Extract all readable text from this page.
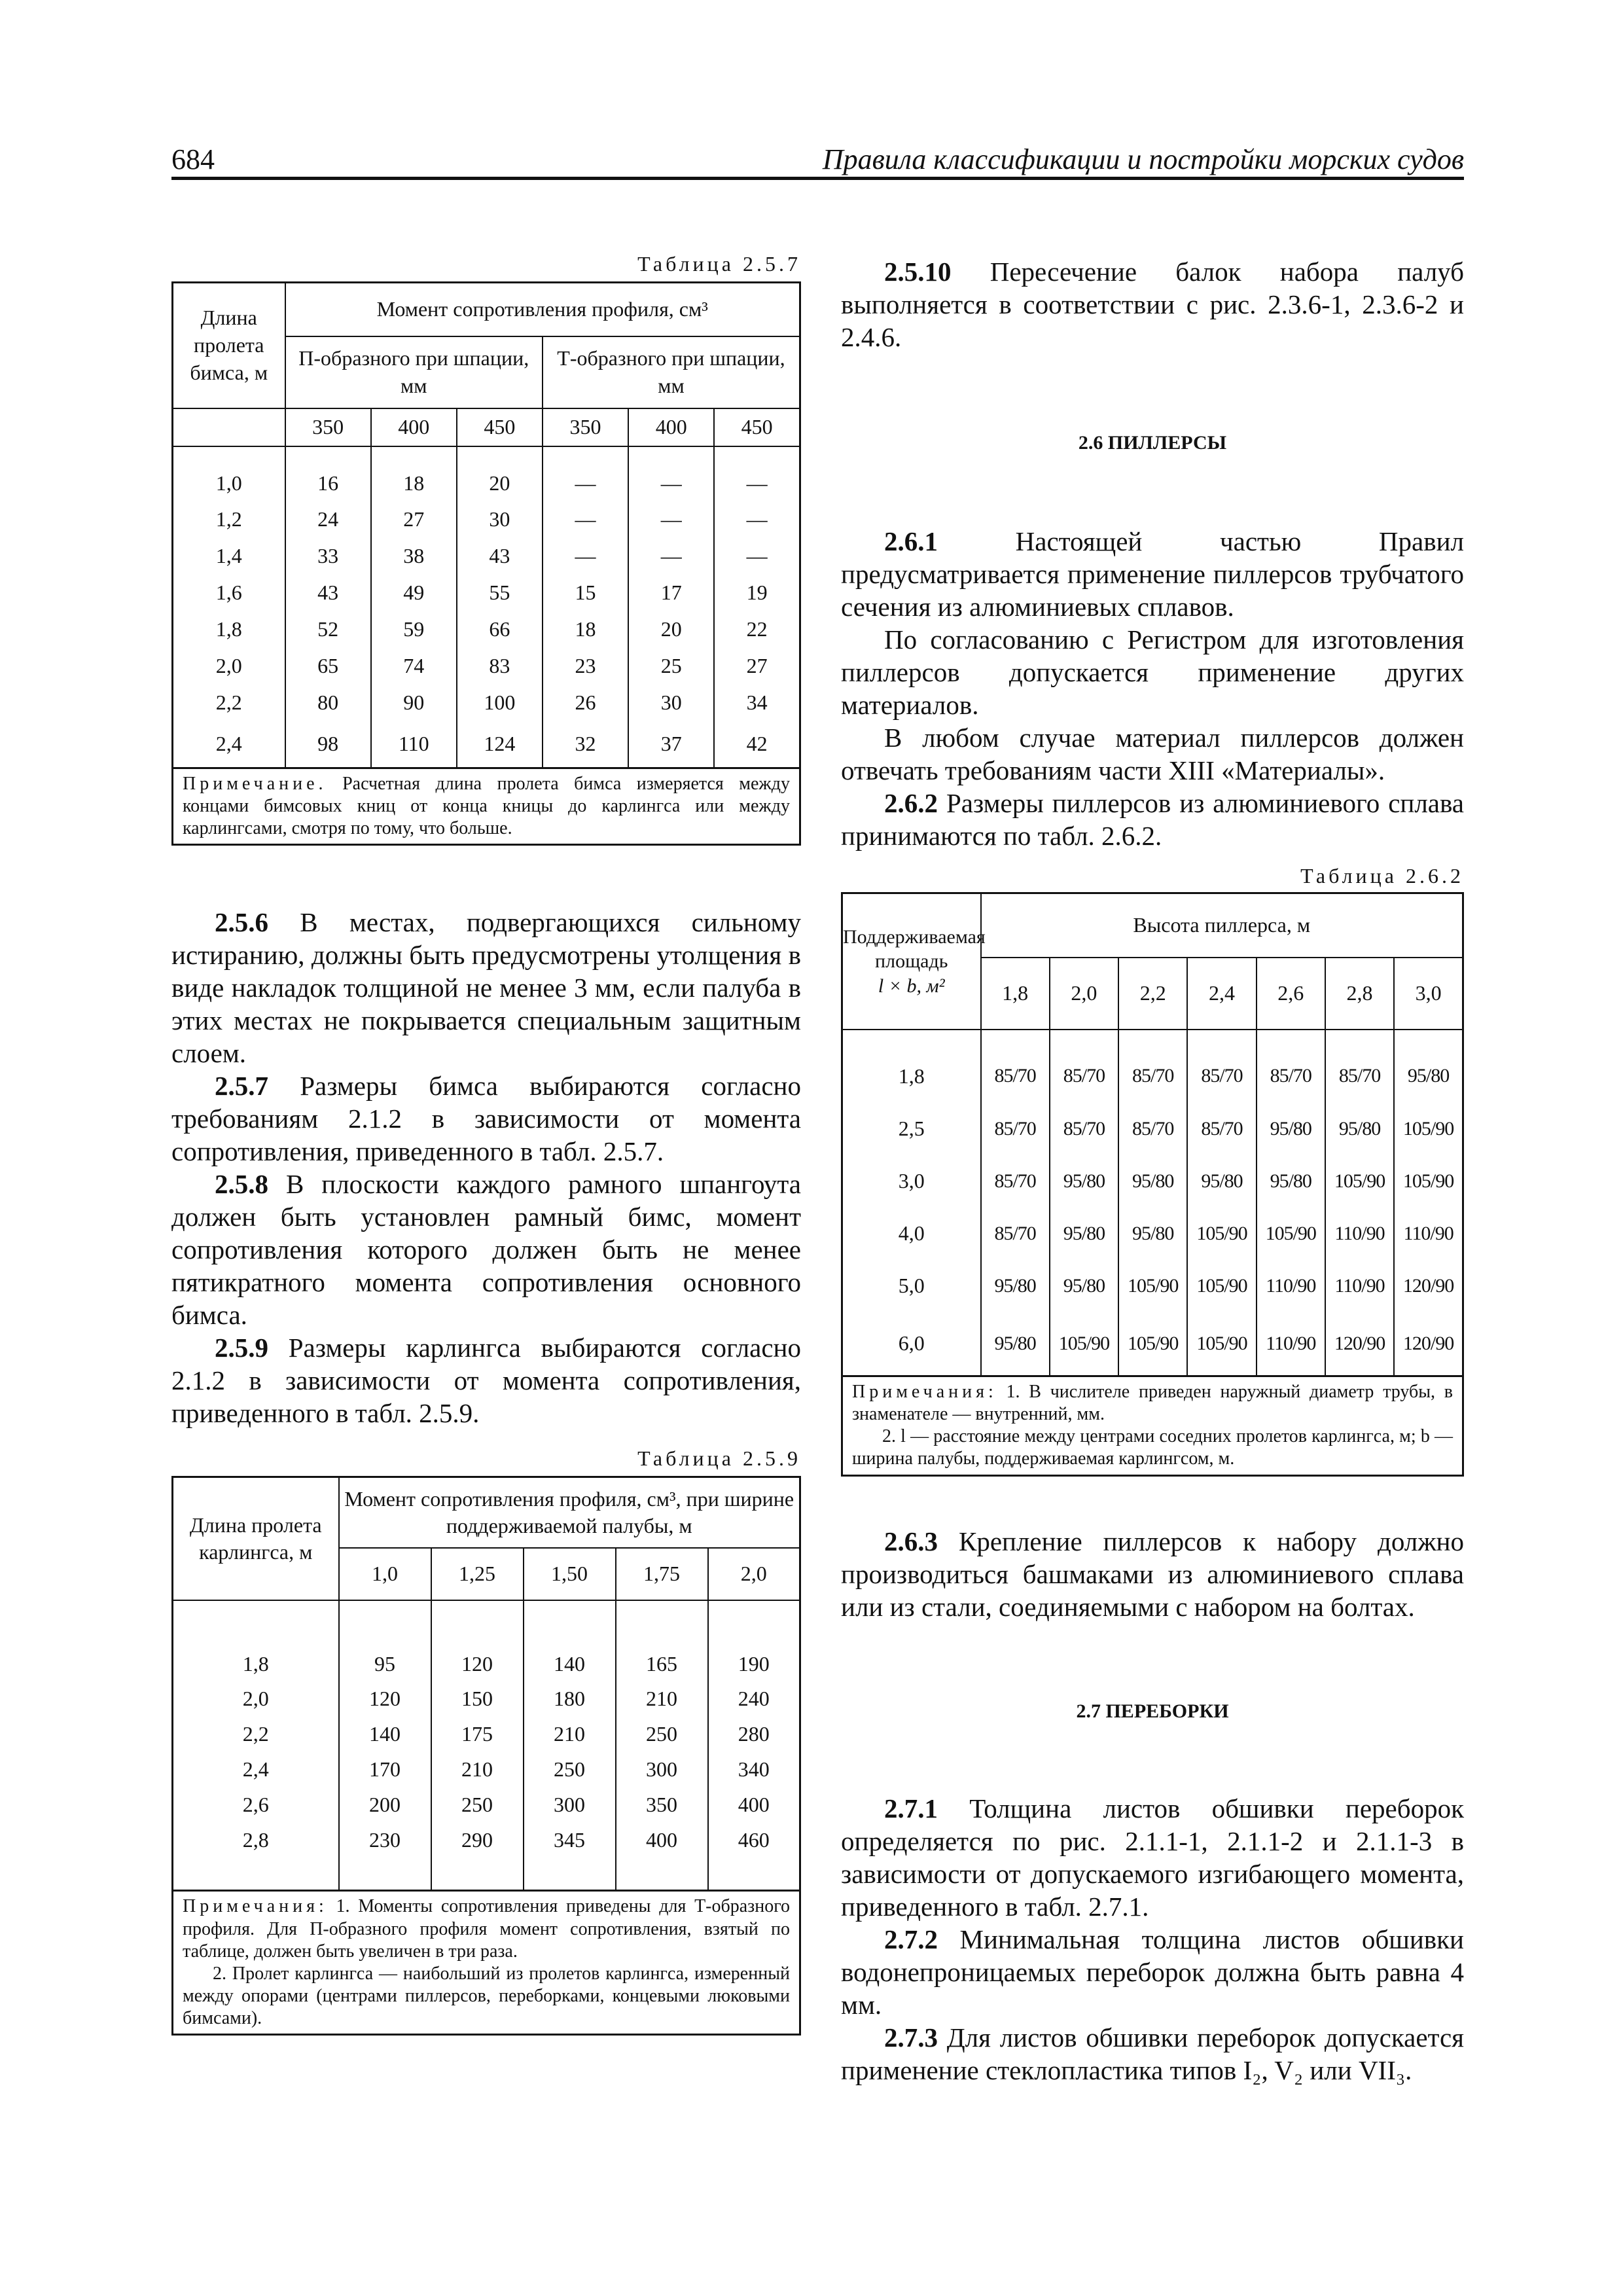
684	Правила классификации и постройки морских судов
Таблица 2.5.7
Длина пролета бимса, м	Момент сопротивления профиля, см³					
	П-образного при шпации, мм			Т-образного при шпации, мм		
	350	400	450	350	400	450
1,0	16	18	20	—	—	—
1,2	24	27	30	—	—	—
1,4	33	38	43	—	—	—
1,6	43	49	55	15	17	19
1,8	52	59	66	18	20	22
2,0	65	74	83	23	25	27
2,2	80	90	100	26	30	34
2,4	98	110	124	32	37	42
Примечание. Расчетная длина пролета бимса измеряется между концами бимсовых книц от конца кницы до карлингса или между карлингсами, смотря по тому, что больше.						

2.5.6 В местах, подвергающихся сильному истиранию, должны быть предусмотрены утолщения в виде накладок толщиной не менее 3 мм, если палуба в этих местах не покрывается специальным защитным слоем.

2.5.7 Размеры бимса выбираются согласно требованиям 2.1.2 в зависимости от момента сопротивления, приведенного в табл. 2.5.7.

2.5.8 В плоскости каждого рамного шпангоута должен быть установлен рамный бимс, момент сопротивления которого должен быть не менее пятикратного момента сопротивления основного бимса.

2.5.9 Размеры карлингса выбираются согласно 2.1.2 в зависимости от момента сопротивления, приведенного в табл. 2.5.9.

Таблица 2.5.9
Длина пролета карлингса, м	Момент сопротивления профиля, см³, при ширине поддерживаемой палубы, м				
	1,0	1,25	1,50	1,75	2,0
1,8	95	120	140	165	190
2,0	120	150	180	210	240
2,2	140	175	210	250	280
2,4	170	210	250	300	340
2,6	200	250	300	350	400
2,8	230	290	345	400	460

Примечания: 1. Моменты сопротивления приведены для Т-образного профиля. Для П-образного профиля момент сопротивления, взятый по таблице, должен быть увеличен в три раза.
2. Пролет карлингса — наибольший из пролетов карлингса, измеренный между опорами (центрами пиллерсов, переборками, концевыми люковыми бимсами).					

2.5.10 Пересечение балок набора палуб выполняется в соответствии с рис. 2.3.6-1, 2.3.6-2 и 2.4.6.

2.6 ПИЛЛЕРСЫ

2.6.1	Настоящей частью Правил предусматривается применение пиллерсов трубчатого сечения из алюминиевых сплавов.

По согласованию с Регистром для изготовления пиллерсов допускается применение других материалов.

В любом случае материал пиллерсов должен отвечать требованиям части XIII «Материалы».

2.6.2 Размеры пиллерсов из алюминиевого сплава принимаются по табл. 2.6.2.

Таблица 2.6.2
Поддерживаемая площадь
l × b, м²	Высота пиллерса, м						
	1,8	2,0	2,2	2,4	2,6	2,8	3,0
1,8	85/70	85/70	85/70	85/70	85/70	85/70	95/80
2,5	85/70	85/70	85/70	85/70	95/80	95/80	105/90
3,0	85/70	95/80	95/80	95/80	95/80	105/90	105/90
4,0	85/70	95/80	95/80	105/90	105/90	110/90	110/90
5,0	95/80	95/80	105/90	105/90	110/90	110/90	120/90
6,0	95/80	105/90	105/90	105/90	110/90	120/90	120/90

Примечания: 1. В числителе приведен наружный диаметр трубы, в знаменателе — внутренний, мм.
2. l — расстояние между центрами соседних пролетов карлингса, м; b — ширина палубы, поддерживаемая карлингсом, м.							

2.6.3 Крепление пиллерсов к набору должно производиться башмаками из алюминиевого сплава или из стали, соединяемыми с набором на болтах.

2.7 ПЕРЕБОРКИ

2.7.1 Толщина листов обшивки переборок определяется по рис. 2.1.1-1, 2.1.1-2 и 2.1.1-3 в зависимости от допускаемого изгибающего момента, приведенного в табл. 2.7.1.

2.7.2 Минимальная толщина листов обшивки водонепроницаемых переборок должна быть равна 4 мм.

2.7.3 Для листов обшивки переборок допускается применение стеклопластика типов I₂, V₂ или VII₃.
